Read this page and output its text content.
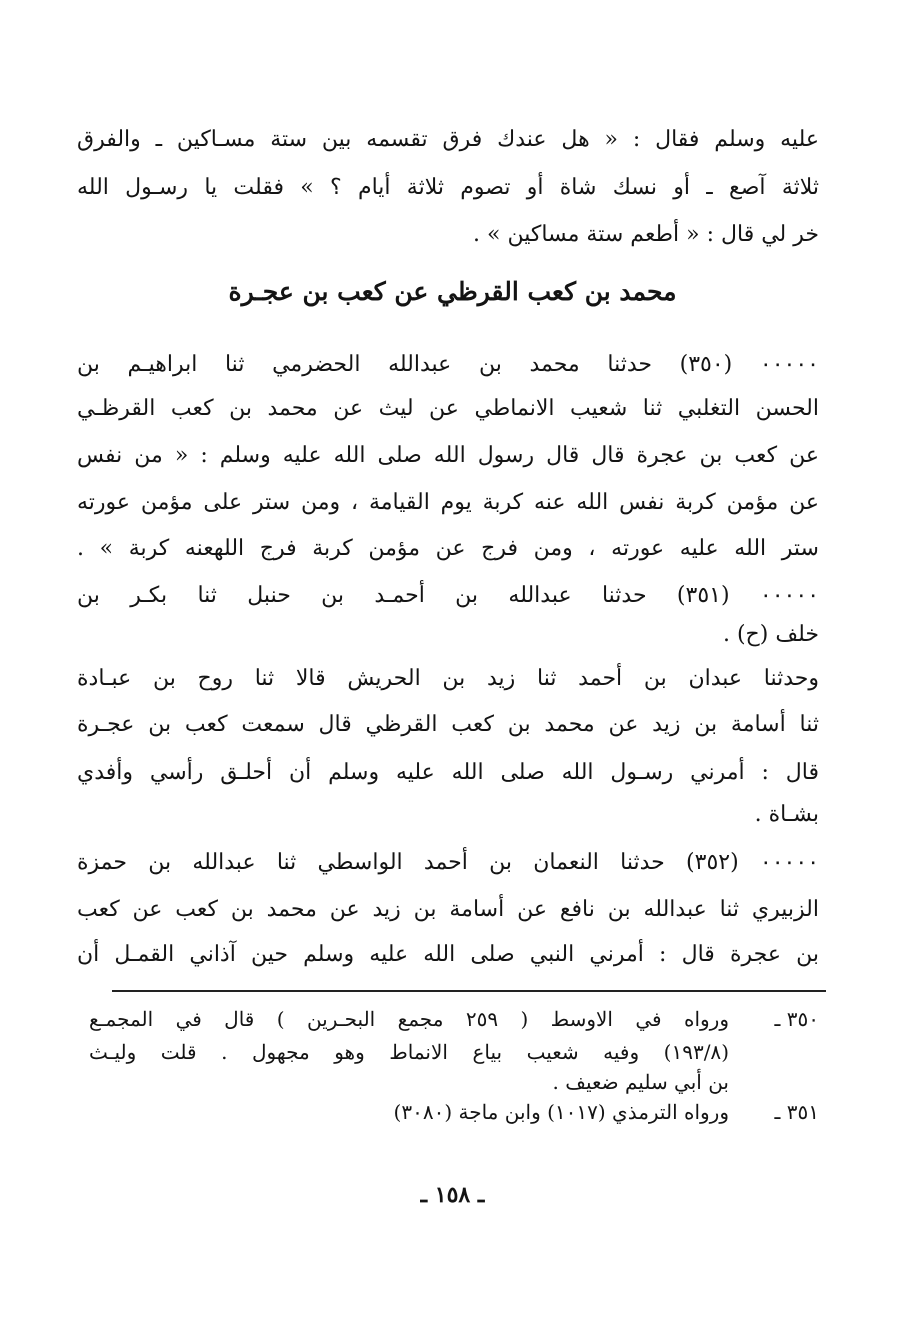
عليه وسلم فقال : « هل عندك فرق تقسمه بين ستة مسـاكين ـ والفرق
ثلاثة آصع ـ أو نسك شاة أو تصوم ثلاثة أيام ؟ » فقلت يا رسـول الله
خر لي قال : « أطعم ستة مساكين » .
محمد بن كعب القرظي عن كعب بن عجـرة
٠٠٠٠٠ (٣٥٠) حدثنا محمد بن عبدالله الحضرمي ثنا ابراهيـم بن
الحسن التغلبي ثنا شعيب الانماطي عن ليث عن محمد بن كعب القرظـي
عن كعب بن عجرة قال قال رسول الله صلى الله عليه وسلم : « من نفس
عن مؤمن كربة نفس الله عنه كربة يوم القيامة ، ومن ستر على مؤمن عورته
ستر الله عليه عورته ، ومن فرج عن مؤمن كربة فرج اللهعنه كربة » .
٠٠٠٠٠ (٣٥١) حدثنا عبدالله بن أحمـد بن حنبل ثنا بكـر بن
خلف (ح) .
وحدثنا عبدان بن أحمد ثنا زيد بن الحريش قالا ثنا روح بن عبـادة
ثنا أسامة بن زيد عن محمد بن كعب القرظي قال سمعت كعب بن عجـرة
قال : أمرني رسـول الله صلى الله عليه وسلم أن أحلـق رأسي وأفدي
بشـاة .
٠٠٠٠٠ (٣٥٢) حدثنا النعمان بن أحمد الواسطي ثنا عبدالله بن حمزة
الزبيري ثنا عبدالله بن نافع عن أسامة بن زيد عن محمد بن كعب عن كعب
بن عجرة قال : أمرني النبي صلى الله عليه وسلم حين آذاني القمـل أن
٣٥٠ ـ
ورواه في الاوسط ( ٢٥٩ مجمع البحـرين ) قال في المجمـع
(١٩٣/٨) وفيه شعيب بياع الانماط وهو مجهول . قلت وليـث
بن أبي سليم ضعيف .
٣٥١ ـ
ورواه الترمذي (١٠١٧) وابن ماجة (٣٠٨٠)
ـ ١٥٨ ـ
